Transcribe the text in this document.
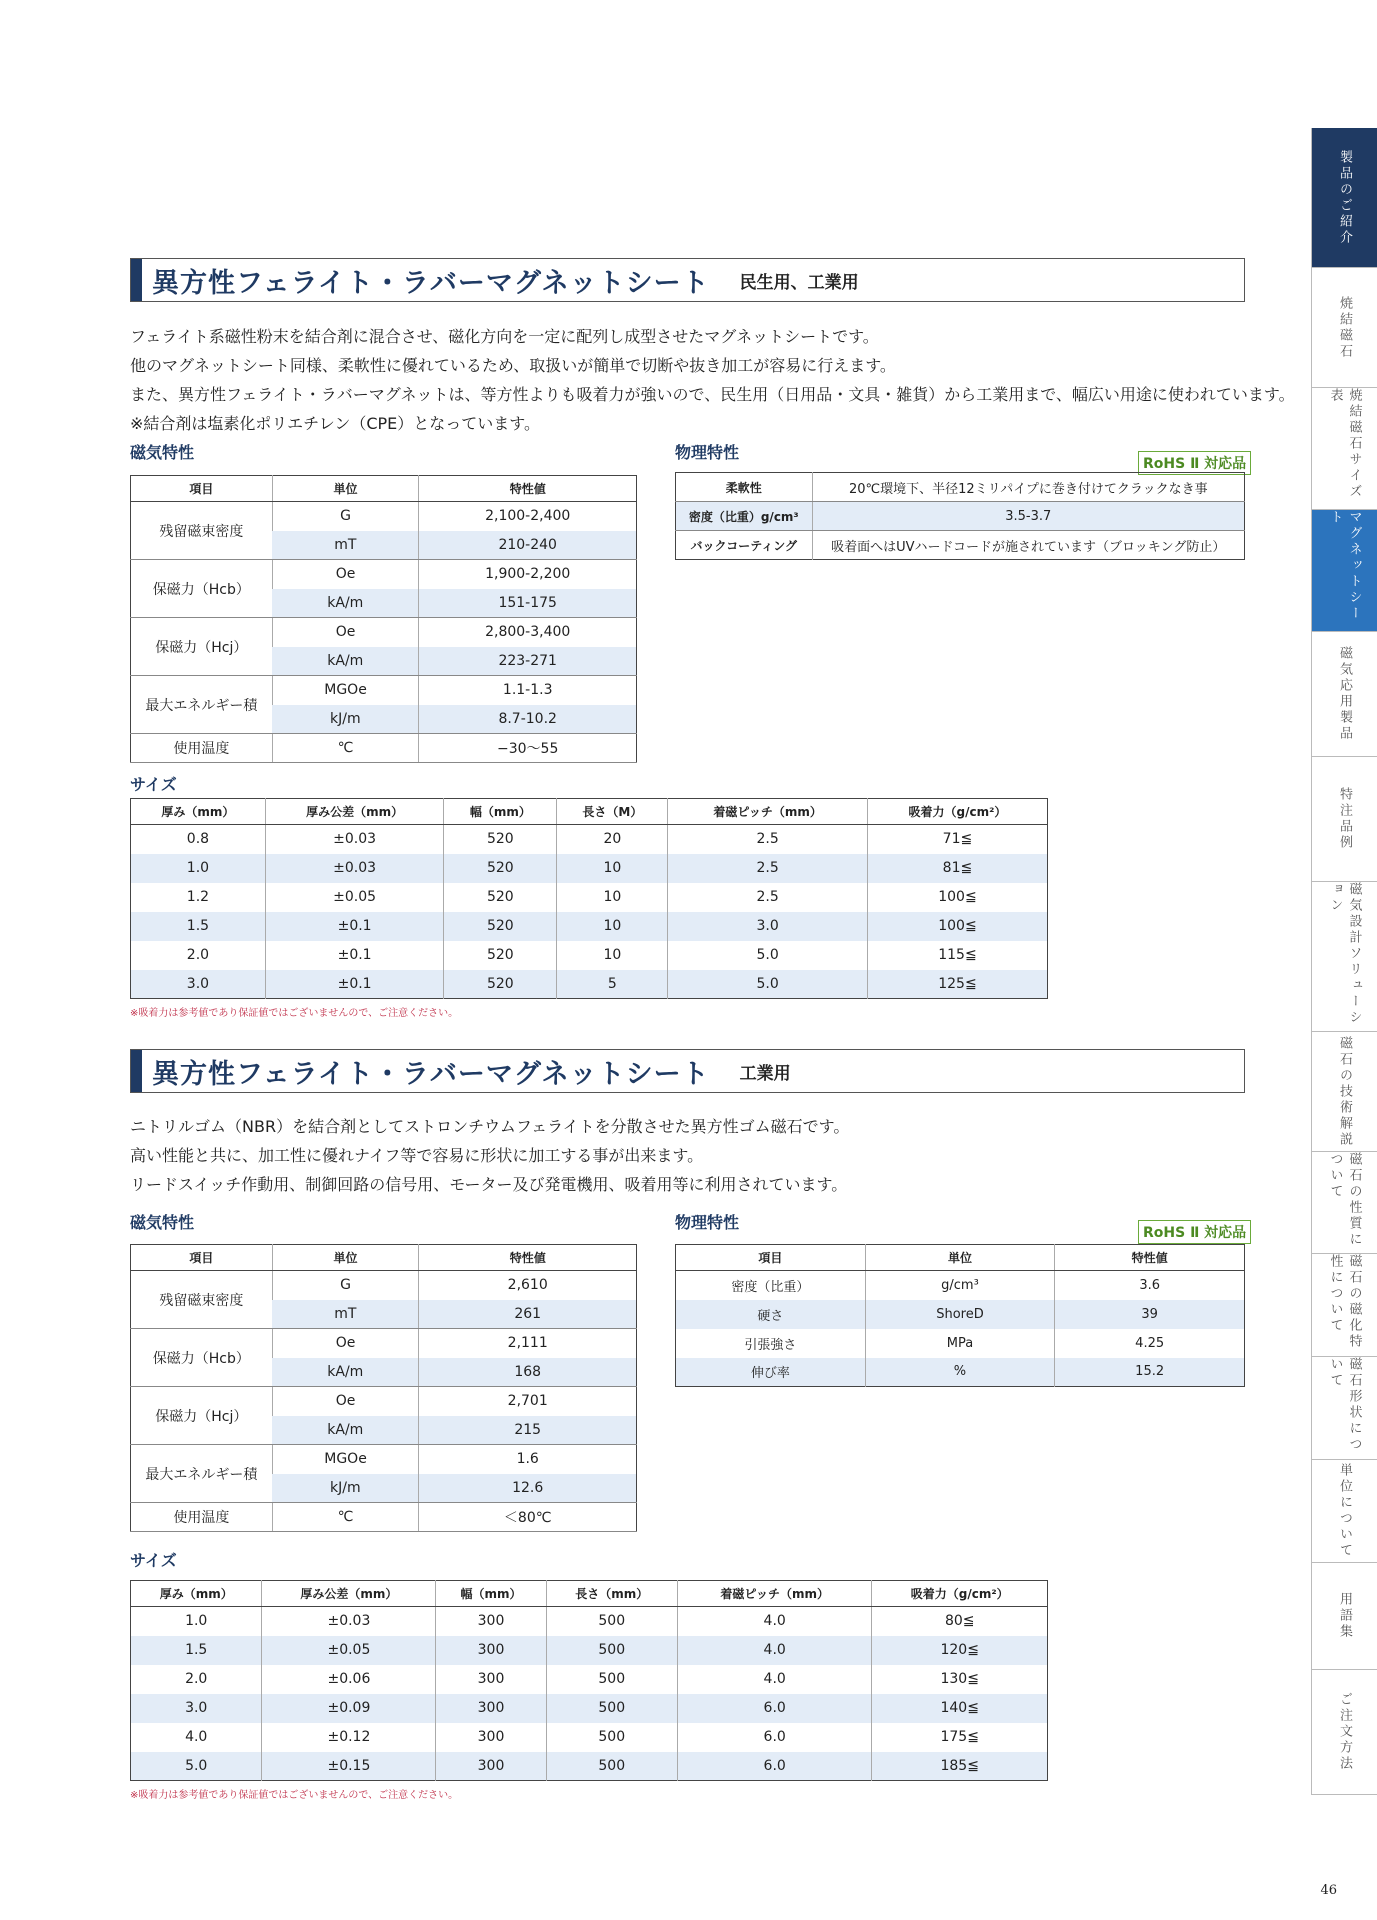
製品のご紹介
焼結磁石
焼結磁石サイズ表
マグネットシート
磁気応用製品
特注品例
磁気設計ソリューション
磁石の技術解説
磁石の性質について
磁石の磁化特性について
磁石形状について
単位について
用語集
ご注文方法
異方性フェライト・ラバーマグネットシート 民生用、工業用
フェライト系磁性粉末を結合剤に混合させ、磁化方向を一定に配列し成型させたマグネットシートです。
他のマグネットシート同様、柔軟性に優れているため、取扱いが簡単で切断や抜き加工が容易に行えます。
また、異方性フェライト・ラバーマグネットは、等方性よりも吸着力が強いので、民生用（日用品・文具・雑貨）から工業用まで、幅広い用途に使われています。
※結合剤は塩素化ポリエチレン（CPE）となっています。
磁気特性	物理特性
RoHS Ⅱ 対応品
項目	単位	特性値
残留磁束密度	G	2,100-2,400
	mT	210-240
保磁力（Hcb）	Oe	1,900-2,200
	kA/m	151-175
保磁力（Hcj）	Oe	2,800-3,400
	kA/m	223-271
最大エネルギー積	MGOe	1.1-1.3
	kJ/m	8.7-10.2
使用温度	℃	−30〜55
柔軟性	20℃環境下、半径12ミリパイプに巻き付けてクラックなき事
密度（比重）g/cm³	3.5-3.7
バックコーティング	吸着面へはUVハードコードが施されています（ブロッキング防止）
サイズ
厚み（mm）	厚み公差（mm）	幅（mm）	長さ（M）	着磁ピッチ（mm）	吸着力（g/cm²）
0.8	±0.03	520	20	2.5	71≦
1.0	±0.03	520	10	2.5	81≦
1.2	±0.05	520	10	2.5	100≦
1.5	±0.1	520	10	3.0	100≦
2.0	±0.1	520	10	5.0	115≦
3.0	±0.1	520	5	5.0	125≦
※吸着力は参考値であり保証値ではございませんので、ご注意ください。
異方性フェライト・ラバーマグネットシート 工業用
ニトリルゴム（NBR）を結合剤としてストロンチウムフェライトを分散させた異方性ゴム磁石です。
高い性能と共に、加工性に優れナイフ等で容易に形状に加工する事が出来ます。
リードスイッチ作動用、制御回路の信号用、モーター及び発電機用、吸着用等に利用されています。
磁気特性	物理特性
RoHS Ⅱ 対応品
項目	単位	特性値
残留磁束密度	G	2,610
	mT	261
保磁力（Hcb）	Oe	2,111
	kA/m	168
保磁力（Hcj）	Oe	2,701
	kA/m	215
最大エネルギー積	MGOe	1.6
	kJ/m	12.6
使用温度	℃	＜80℃
項目	単位	特性値
密度（比重）	g/cm³	3.6
硬さ	ShoreD	39
引張強さ	MPa	4.25
伸び率	%	15.2
サイズ
厚み（mm）	厚み公差（mm）	幅（mm）	長さ（mm）	着磁ピッチ（mm）	吸着力（g/cm²）
1.0	±0.03	300	500	4.0	80≦
1.5	±0.05	300	500	4.0	120≦
2.0	±0.06	300	500	4.0	130≦
3.0	±0.09	300	500	6.0	140≦
4.0	±0.12	300	500	6.0	175≦
5.0	±0.15	300	500	6.0	185≦
※吸着力は参考値であり保証値ではございませんので、ご注意ください。
46
